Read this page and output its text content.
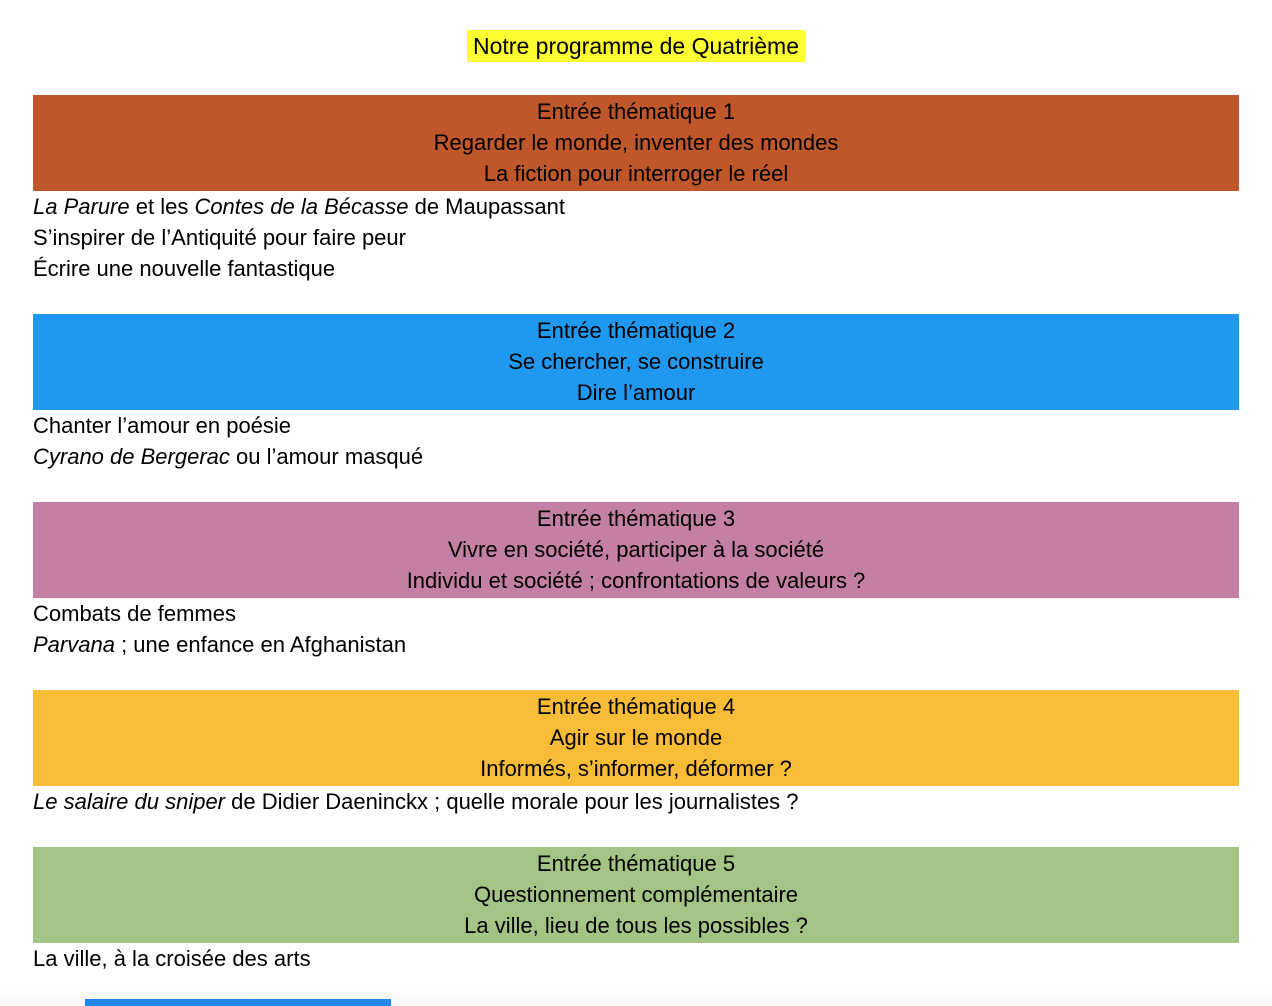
Notre programme de Quatrième
Entrée thématique 1
Regarder le monde, inventer des mondes
La fiction pour interroger le réel
La Parure et les Contes de la Bécasse de Maupassant
S’inspirer de l’Antiquité pour faire peur
Écrire une nouvelle fantastique
Entrée thématique 2
Se chercher, se construire
Dire l’amour
Chanter l’amour en poésie
Cyrano de Bergerac ou l’amour masqué
Entrée thématique 3
Vivre en société, participer à la société
Individu et société ; confrontations de valeurs ?
Combats de femmes
Parvana ; une enfance en Afghanistan
Entrée thématique 4
Agir sur le monde
Informés, s’informer, déformer ?
Le salaire du sniper de Didier Daeninckx ; quelle morale pour les journalistes ?
Entrée thématique 5
Questionnement complémentaire
La ville, lieu de tous les possibles ?
La ville, à la croisée des arts
